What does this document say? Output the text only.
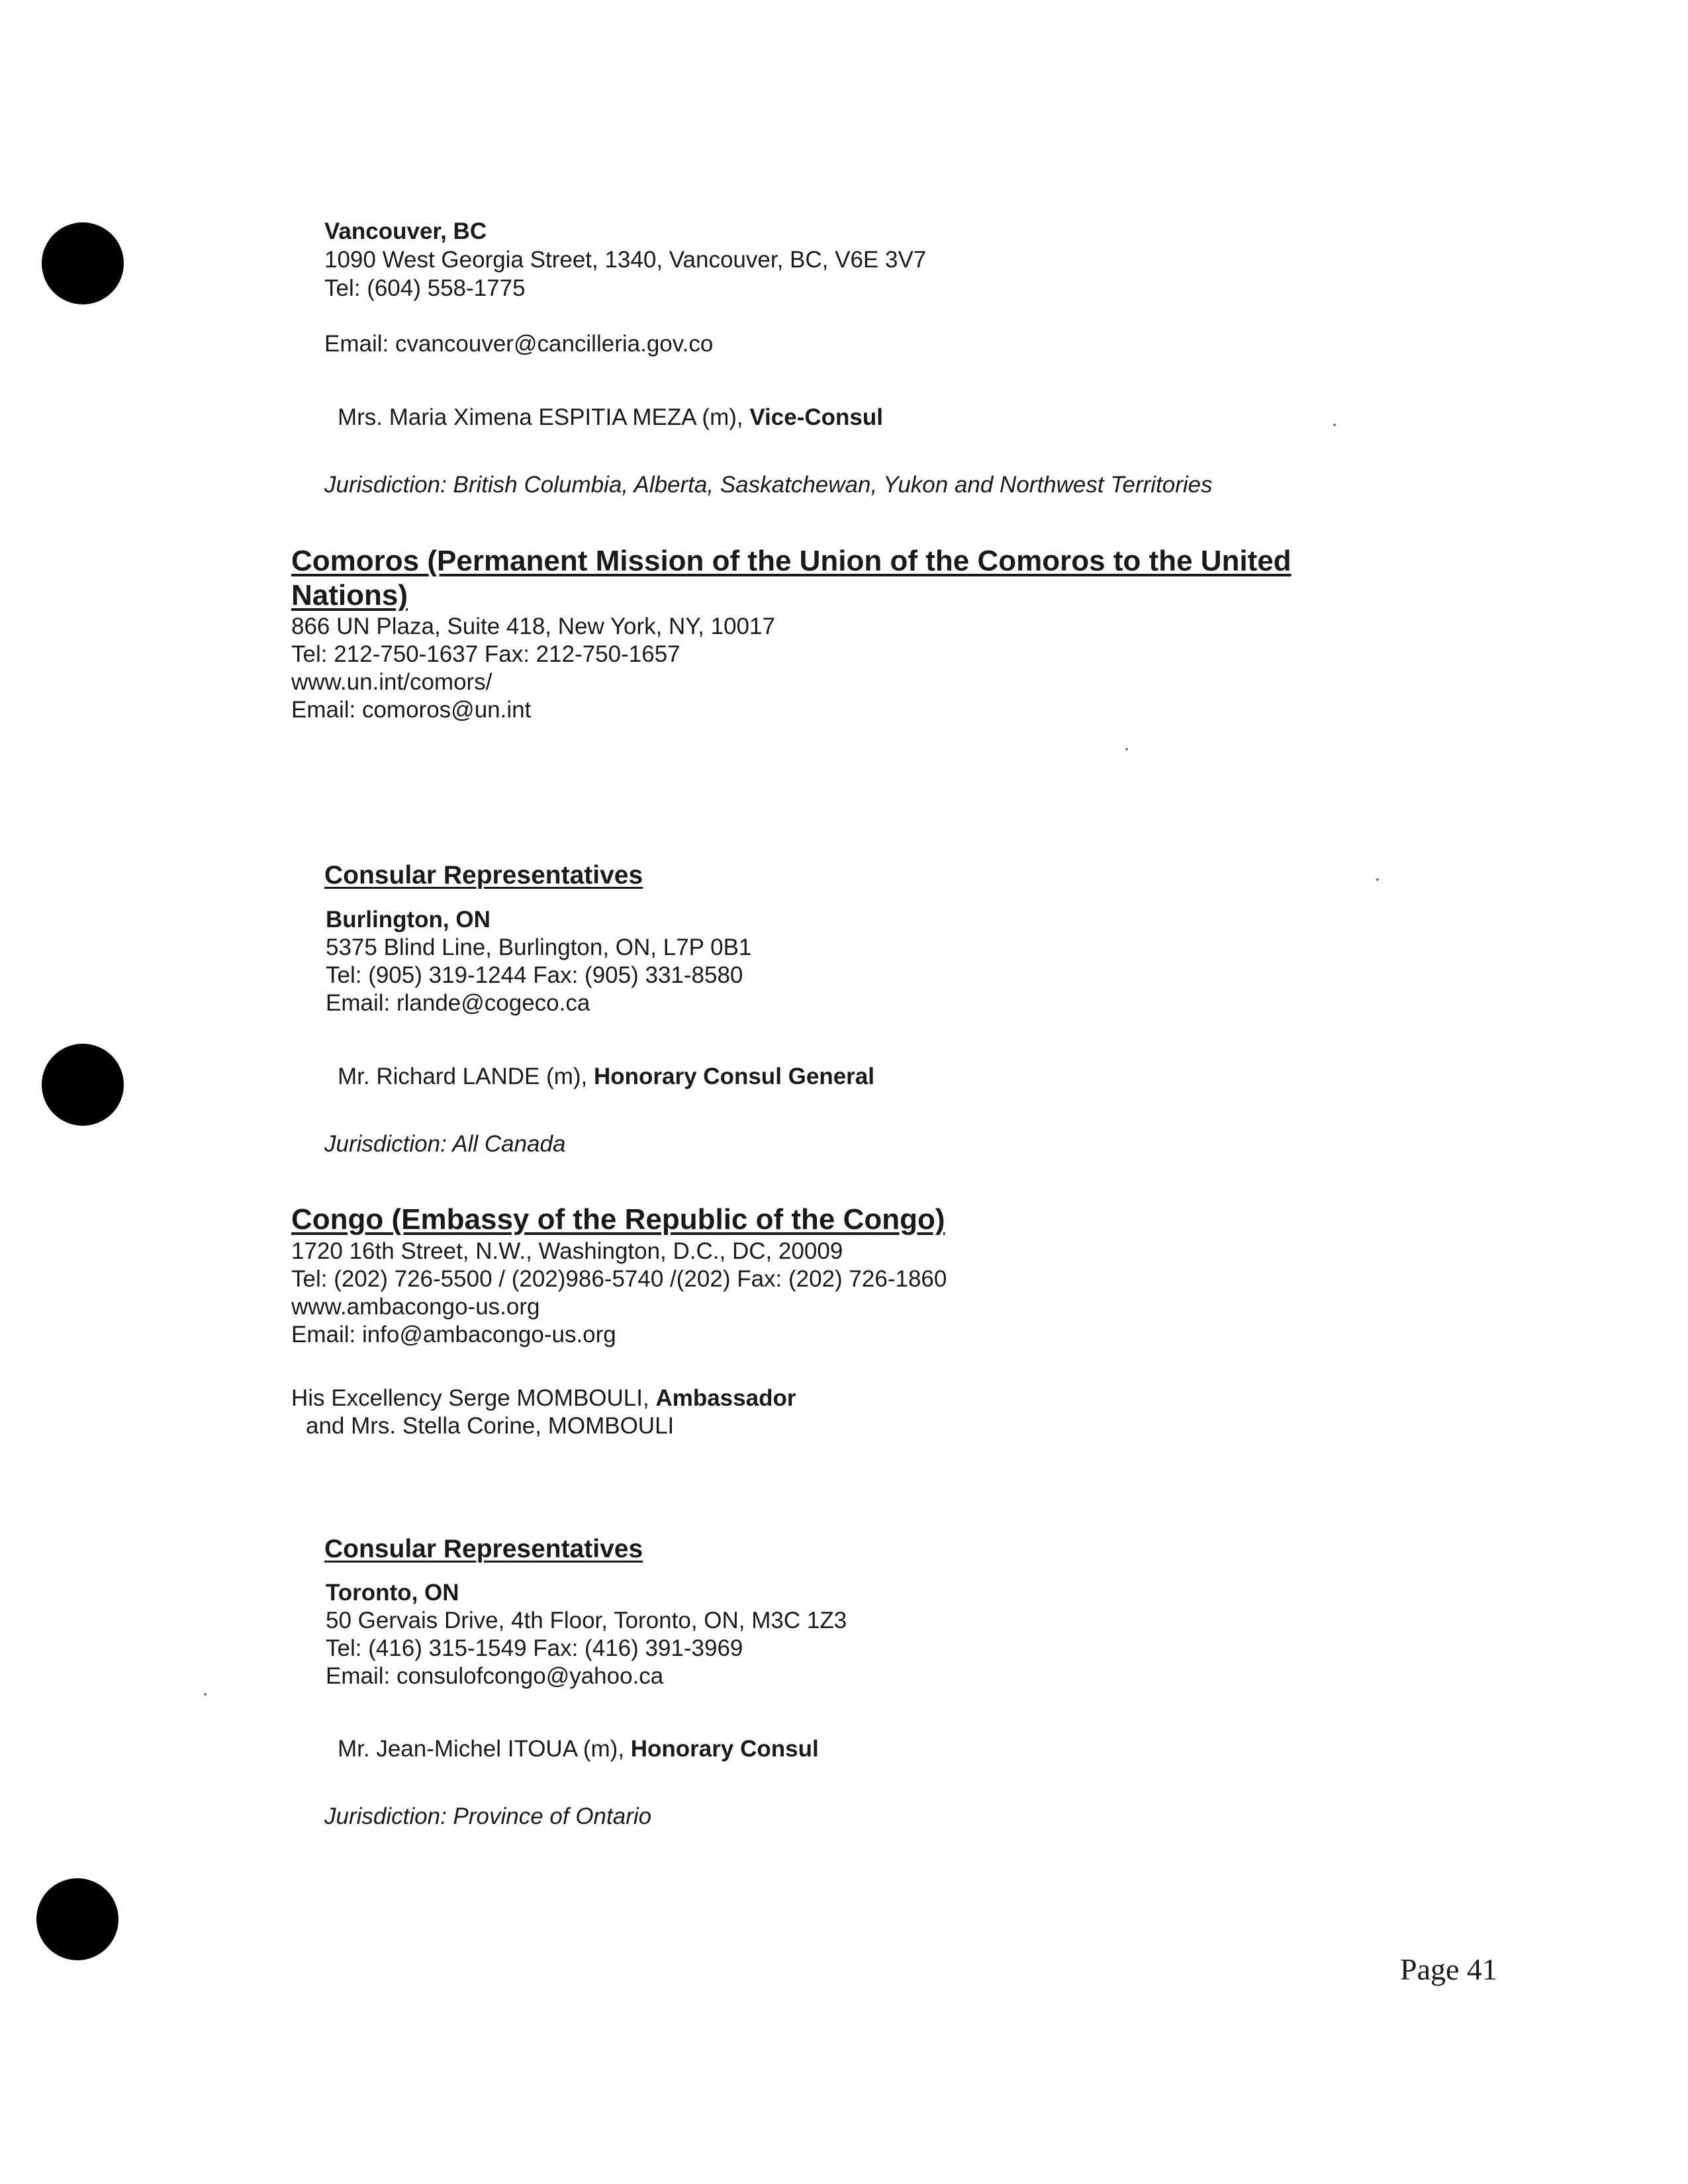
Vancouver, BC
1090 West Georgia Street, 1340, Vancouver, BC, V6E 3V7
Tel: (604) 558-1775
Email: cvancouver@cancilleria.gov.co
Mrs. Maria Ximena ESPITIA MEZA (m), Vice-Consul
Jurisdiction: British Columbia, Alberta, Saskatchewan, Yukon and Northwest Territories
Comoros (Permanent Mission of the Union of the Comoros to the United
Nations)
866 UN Plaza, Suite 418, New York, NY, 10017
Tel: 212-750-1637 Fax: 212-750-1657
www.un.int/comors/
Email: comoros@un.int
Consular Representatives
Burlington, ON
5375 Blind Line, Burlington, ON, L7P 0B1
Tel: (905) 319-1244 Fax: (905) 331-8580
Email: rlande@cogeco.ca
Mr. Richard LANDE (m), Honorary Consul General
Jurisdiction: All Canada
Congo (Embassy of the Republic of the Congo)
1720 16th Street, N.W., Washington, D.C., DC, 20009
Tel: (202) 726-5500 / (202)986-5740 /(202) Fax: (202) 726-1860
www.ambacongo-us.org
Email: info@ambacongo-us.org
His Excellency Serge MOMBOULI, Ambassador
and Mrs. Stella Corine, MOMBOULI
Consular Representatives
Toronto, ON
50 Gervais Drive, 4th Floor, Toronto, ON, M3C 1Z3
Tel: (416) 315-1549 Fax: (416) 391-3969
Email: consulofcongo@yahoo.ca
Mr. Jean-Michel ITOUA (m), Honorary Consul
Jurisdiction: Province of Ontario
Page 41
